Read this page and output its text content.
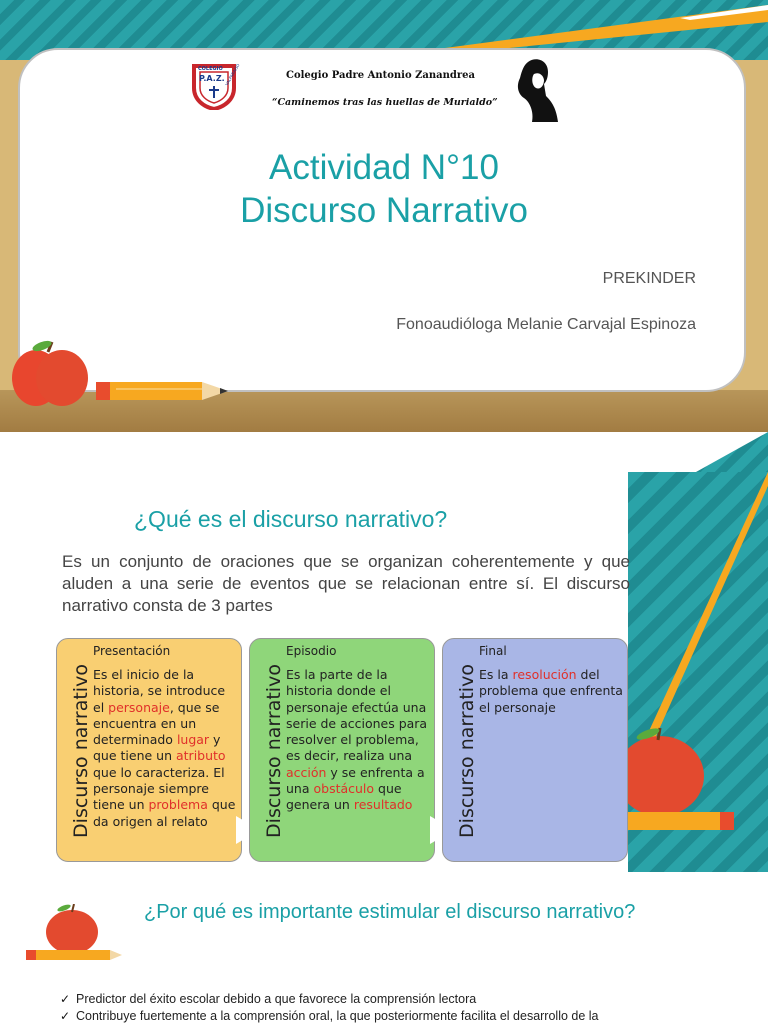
COLEGIO
P.A.Z. VALPARAISO	Colegio Padre Antonio Zanandrea
“Caminemos tras las huellas de Murialdo”
Actividad N°10
Discurso Narrativo
PREKINDER
Fonoaudióloga Melanie Carvajal Espinoza
¿Qué es el discurso narrativo?
Es un conjunto de oraciones que se organizan coherentemente y que aluden a una serie de eventos que se relacionan entre sí. El discurso narrativo consta de 3 partes
Discurso narrativo
Presentación
Es el inicio de la historia, se introduce el personaje, que se encuentra en un determinado lugar y que tiene un atributo que lo caracteriza. El personaje siempre tiene un problema que da origen al relato	Discurso narrativo
Episodio
Es la parte de la historia donde el personaje efectúa una serie de acciones para resolver el problema, es decir, realiza una acción y se enfrenta a una obstáculo que genera un resultado	Discurso narrativo
Final
Es la resolución del problema que enfrenta el personaje
¿Por qué es importante estimular el discurso narrativo?
✓ Predictor del éxito escolar debido a que favorece la comprensión lectora
✓ Contribuye fuertemente a la comprensión oral, la que posteriormente facilita el desarrollo de la
